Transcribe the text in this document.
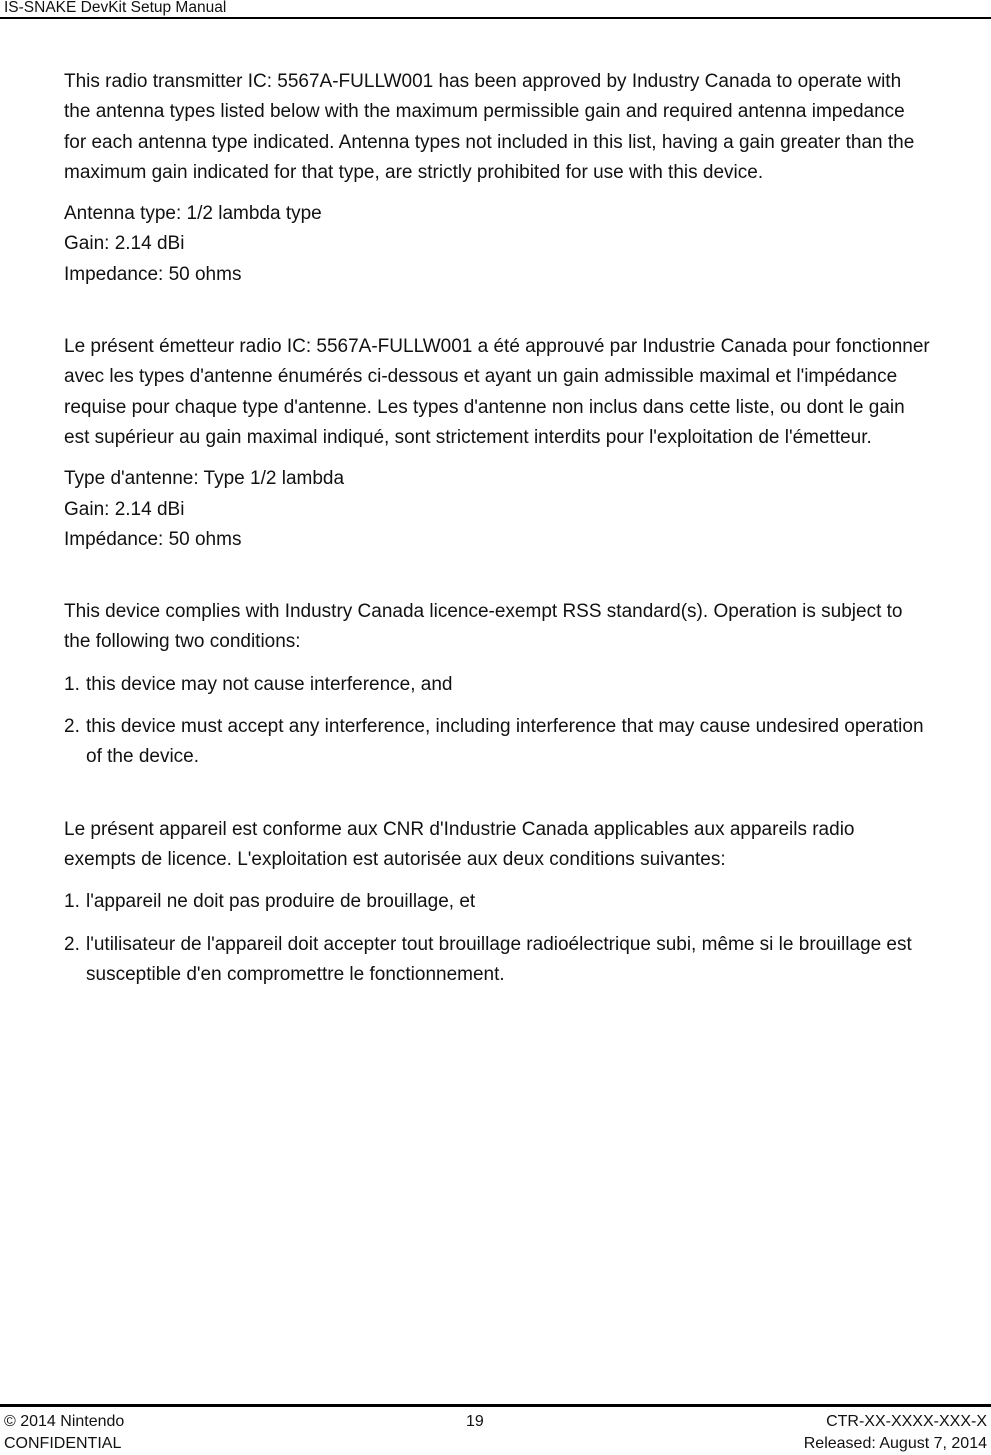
IS-SNAKE DevKit Setup Manual

This radio transmitter IC: 5567A-FULLW001 has been approved by Industry Canada to operate with
the antenna types listed below with the maximum permissible gain and required antenna impedance
for each antenna type indicated. Antenna types not included in this list, having a gain greater than the
maximum gain indicated for that type, are strictly prohibited for use with this device.

Antenna type: 1/2 lambda type

Gain: 2.14 dBi

Impedance: 50 ohms

Le présent émetteur radio IC: 5567A-FULLW001 a été approuvé par Industrie Canada pour fonctionner
avec les types d'antenne énumérés ci-dessous et ayant un gain admissible maximal et l'impédance
requise pour chaque type d'antenne. Les types d'antenne non inclus dans cette liste, ou dont le gain
est supérieur au gain maximal indiqué, sont strictement interdits pour l'exploitation de l'émetteur.

Type d'antenne: Type 1/2 lambda

Gain: 2.14 dBi

Impédance: 50 ohms

This device complies with Industry Canada licence-exempt RSS standard(s). Operation is subject to
the following two conditions:

1. this device may not cause interference, and
2. this device must accept any interference, including interference that may cause undesired operation
of the device.

Le présent appareil est conforme aux CNR d'Industrie Canada applicables aux appareils radio
exempts de licence. L'exploitation est autorisée aux deux conditions suivantes:

1. l'appareil ne doit pas produire de brouillage, et
2. l'utilisateur de l'appareil doit accepter tout brouillage radioélectrique subi, même si le brouillage est
susceptible d'en compromettre le fonctionnement.
© 2014 Nintendo
CONFIDENTIAL
19	CTR-XX-XXXX-XXX-X
Released: August 7, 2014
